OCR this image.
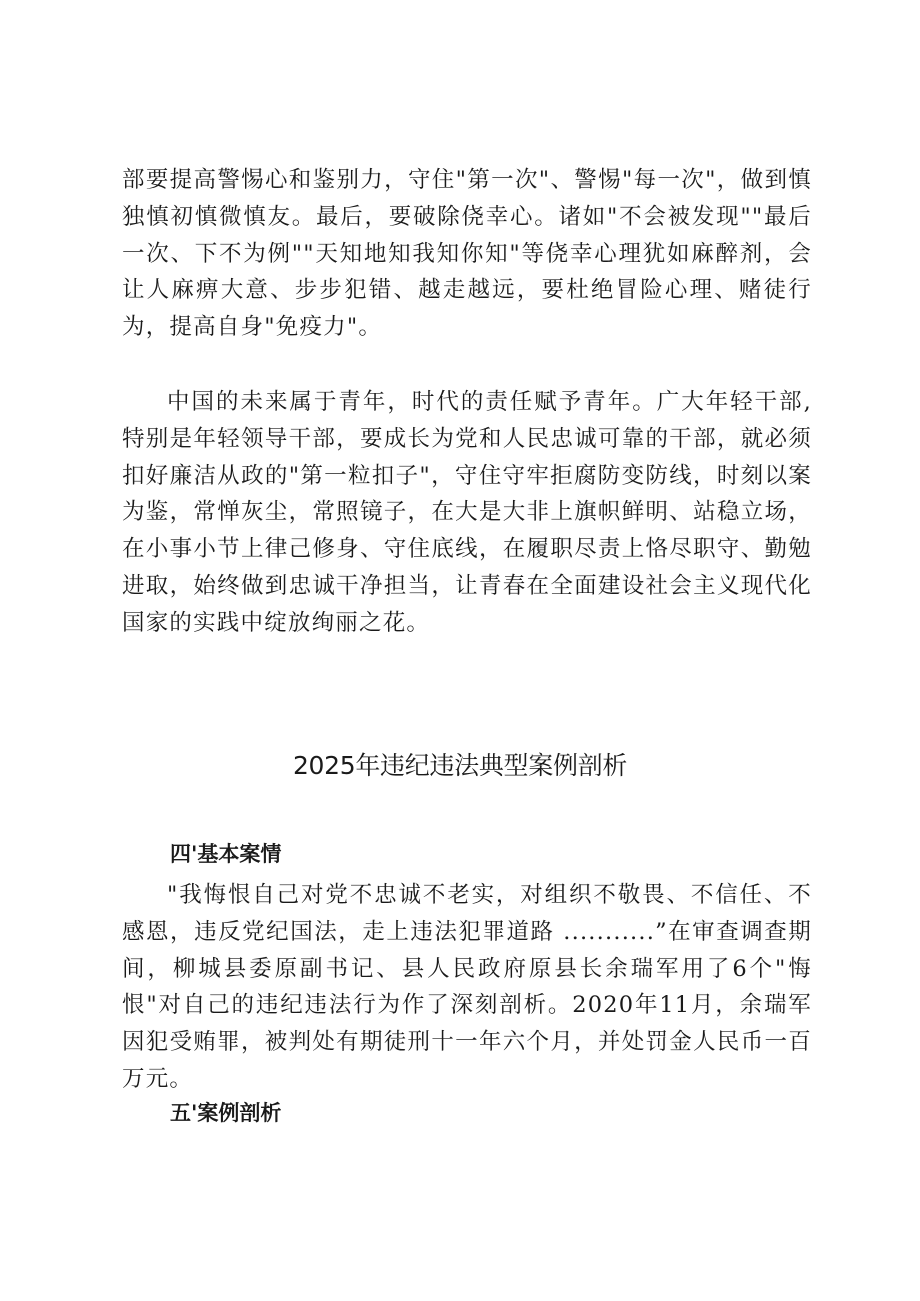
部要提高警惕心和鉴别力，守住"第一次"、警惕"每一次"，做到慎独慎初慎微慎友。最后，要破除侥幸心。诸如"不会被发现""最后一次、下不为例""天知地知我知你知"等侥幸心理犹如麻醉剂，会让人麻痹大意、步步犯错、越走越远，要杜绝冒险心理、赌徒行为，提高自身"免疫力"。

中国的未来属于青年，时代的责任赋予青年。广大年轻干部,特别是年轻领导干部，要成长为党和人民忠诚可靠的干部，就必须扣好廉洁从政的"第一粒扣子"，守住守牢拒腐防变防线，时刻以案为鉴，常惮灰尘，常照镜子，在大是大非上旗帜鲜明、站稳立场，在小事小节上律己修身、守住底线，在履职尽责上恪尽职守、勤勉进取，始终做到忠诚干净担当，让青春在全面建设社会主义现代化国家的实践中绽放绚丽之花。

2025年违纪违法典型案例剖析
四'基本案情

"我悔恨自己对党不忠诚不老实，对组织不敬畏、不信任、不感恩，违反党纪国法，走上违法犯罪道路 ...........”在审查调查期间，柳城县委原副书记、县人民政府原县长余瑞军用了6个"悔恨"对自己的违纪违法行为作了深刻剖析。2020年11月，余瑞军因犯受贿罪，被判处有期徒刑十一年六个月，并处罚金人民币一百万元。

五'案例剖析
